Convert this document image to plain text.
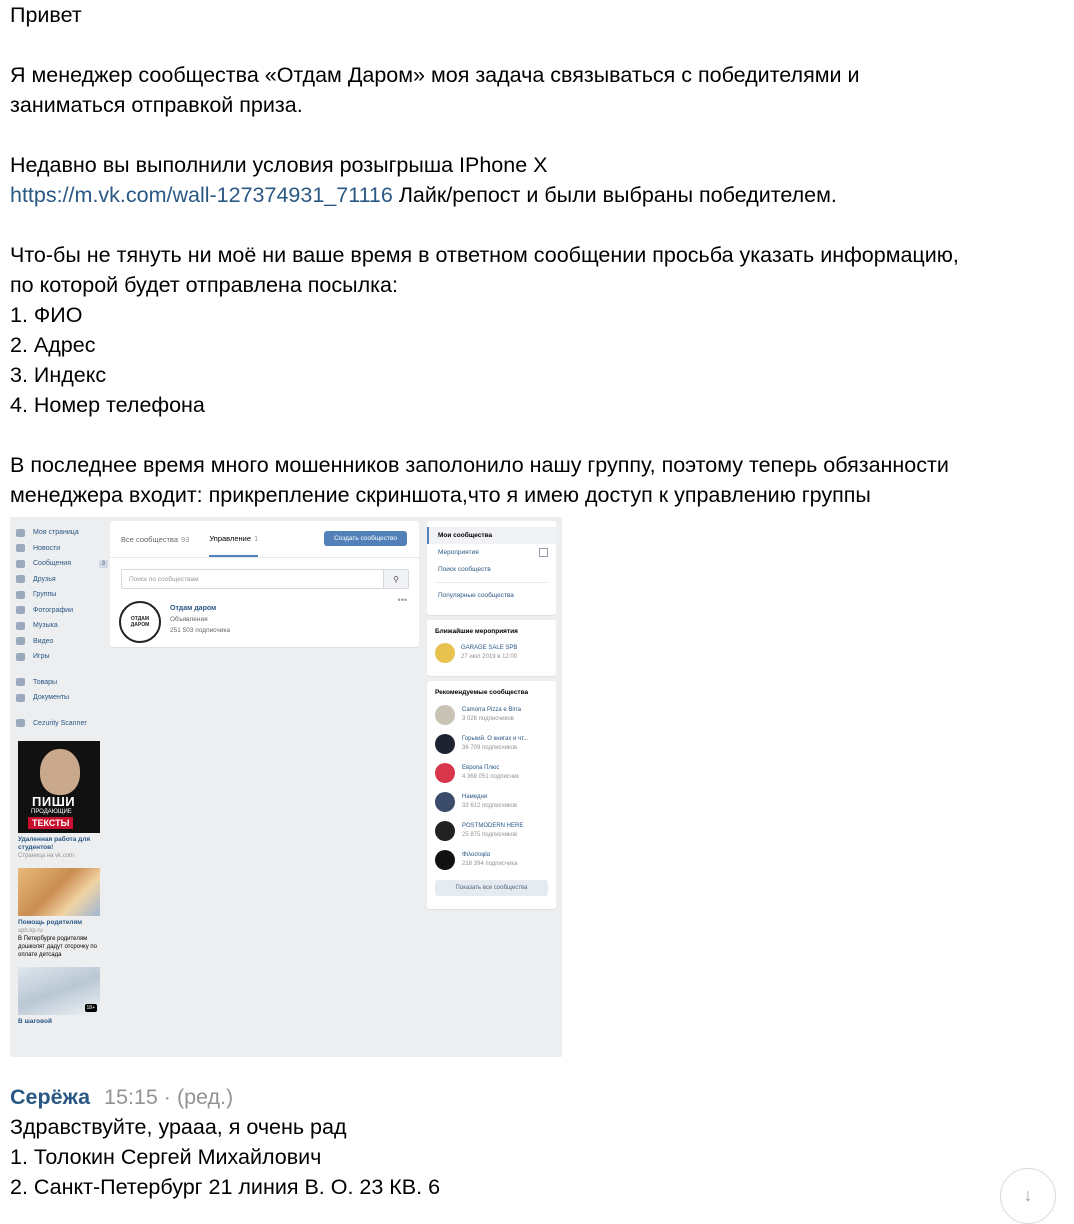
Привет

Я менеджер сообщества «Отдам Даром» моя задача связываться с победителями и

заниматься отправкой приза.

Недавно вы выполнили условия розыгрыша IPhone X

https://m.vk.com/wall-127374931_71116 Лайк/репост и были выбраны победителем.

Что-бы не тянуть ни моё ни ваше время в ответном сообщении просьба указать информацию,

по которой будет отправлена посылка:

1. ФИО

2. Адрес

3. Индекс

4. Номер телефона

В последнее время много мошенников заполонило нашу группу, поэтому теперь обязанности

менеджера входит: прикрепление скриншота,что я имею доступ к управлению группы

Моя страница
Новости
Сообщения	3
Друзья
Группы
Фотографии
Музыка
Видео
Игры
Товары
Документы
Cezurity Scanner
ПИШИ
ПРОДАЮЩИЕ
ТЕКСТЫ
Удаленная работа для студентов!
Страница на vk.com
Помощь родителям
spb.kp.ru
В Петербурге родителям дошколят дадут отсрочку по оплате детсада
18+
В шаговой
Все сообщества 93	Управление 1	Создать сообщество
Поиск по сообществам	⚲
ОТДАМ ДАРОМ
Отдам даром
Объявления
251 503 подписчика
•••
Мои сообщества
Мероприятия
Поиск сообществ
Популярные сообщества
Ближайшие мероприятия
GARAGE SALE SPB
27 июл 2019 в 12:00
Рекомендуемые сообщества
Camorra Pizza e Birra
3 026 подписчиков
Горький. О книгах и чт...
36 709 подписчиков
Европа Плюс
4 368 051 подписчик
Намедни
33 612 подписчиков
POSTMODERN HERE
25 875 подписчиков
Φιλοσοφία
218 394 подписчика
Показать все сообщества
Серёжа 15:15 · (ред.)

Здравствуйте, урааа, я очень рад

1. Толокин Сергей Михайлович

2. Санкт-Петербург 21 линия В. О. 23 КВ. 6	↓
